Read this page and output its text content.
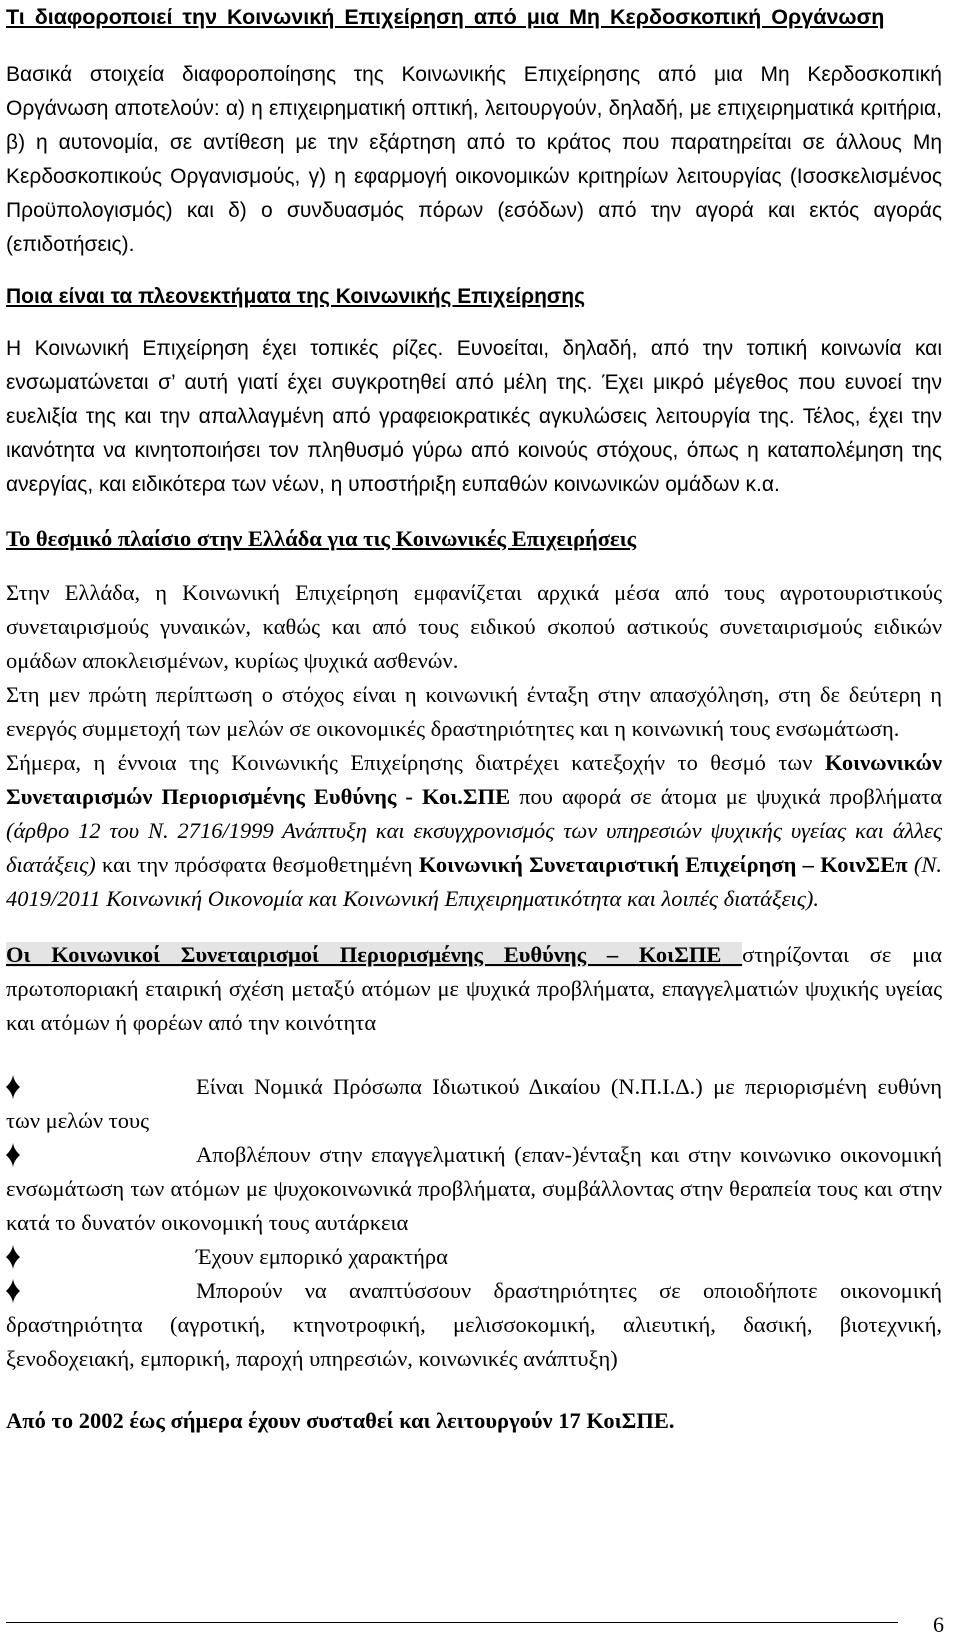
Τι διαφοροποιεί την Κοινωνική Επιχείρηση από μια Μη Κερδοσκοπική Οργάνωση

Βασικά στοιχεία διαφοροποίησης της Κοινωνικής Επιχείρησης από μια Μη Κερδοσκοπική Οργάνωση αποτελούν: α) η επιχειρηματική οπτική, λειτουργούν, δηλαδή, με επιχειρηματικά κριτήρια, β) η αυτονομία, σε αντίθεση με την εξάρτηση από το κράτος που παρατηρείται σε άλλους Μη Κερδοσκοπικούς Οργανισμούς, γ) η εφαρμογή οικονομικών κριτηρίων λειτουργίας (Ισοσκελισμένος Προϋπολογισμός) και δ) ο συνδυασμός πόρων (εσόδων) από την αγορά και εκτός αγοράς (επιδοτήσεις).

Ποια είναι τα πλεονεκτήματα της Κοινωνικής Επιχείρησης

Η Κοινωνική Επιχείρηση έχει τοπικές ρίζες. Ευνοείται, δηλαδή, από την τοπική κοινωνία και ενσωματώνεται σ’ αυτή γιατί έχει συγκροτηθεί από μέλη της. Έχει μικρό μέγεθος που ευνοεί την ευελιξία της και την απαλλαγμένη από γραφειοκρατικές αγκυλώσεις λειτουργία της. Τέλος, έχει την ικανότητα να κινητοποιήσει τον πληθυσμό γύρω από κοινούς στόχους, όπως η καταπολέμηση της ανεργίας, και ειδικότερα των νέων, η υποστήριξη ευπαθών κοινωνικών ομάδων κ.α.

Το θεσμικό πλαίσιο στην Ελλάδα για τις Κοινωνικές Επιχειρήσεις

Στην Ελλάδα, η Κοινωνική Επιχείρηση εμφανίζεται αρχικά μέσα από τους αγροτουριστικούς συνεταιρισμούς γυναικών, καθώς και από τους ειδικού σκοπού αστικούς συνεταιρισμούς ειδικών ομάδων αποκλεισμένων, κυρίως ψυχικά ασθενών.

Στη μεν πρώτη περίπτωση ο στόχος είναι η κοινωνική ένταξη στην απασχόληση, στη δε δεύτερη η ενεργός συμμετοχή των μελών σε οικονομικές δραστηριότητες και η κοινωνική τους ενσωμάτωση.

Σήμερα, η έννοια της Κοινωνικής Επιχείρησης διατρέχει κατεξοχήν το θεσμό των Κοινωνικών Συνεταιρισμών Περιορισμένης Ευθύνης - Κοι.ΣΠΕ που αφορά σε άτομα με ψυχικά προβλήματα (άρθρο 12 του Ν. 2716/1999 Ανάπτυξη και εκσυγχρονισμός των υπηρεσιών ψυχικής υγείας και άλλες διατάξεις) και την πρόσφατα θεσμοθετημένη Κοινωνική Συνεταιριστική Επιχείρηση – ΚοινΣΕπ (Ν. 4019/2011 Κοινωνική Οικονομία και Κοινωνική Επιχειρηματικότητα και λοιπές διατάξεις).

Οι Κοινωνικοί Συνεταιρισμοί Περιορισμένης Ευθύνης – ΚοιΣΠΕ στηρίζονται σε μια πρωτοποριακή εταιρική σχέση μεταξύ ατόμων με ψυχικά προβλήματα, επαγγελματιών ψυχικής υγείας και ατόμων ή φορέων από την κοινότητα

Είναι Νομικά Πρόσωπα Ιδιωτικού Δικαίου (Ν.Π.Ι.Δ.) με περιορισμένη ευθύνη των μελών τους
Αποβλέπουν στην επαγγελματική (επαν-)ένταξη και στην κοινωνικο οικονομική ενσωμάτωση των ατόμων με ψυχοκοινωνικά προβλήματα, συμβάλλοντας στην θεραπεία τους και στην κατά το δυνατόν οικονομική τους αυτάρκεια
Έχουν εμπορικό χαρακτήρα
Μπορούν να αναπτύσσουν δραστηριότητες σε οποιοδήποτε οικονομική δραστηριότητα (αγροτική, κτηνοτροφική, μελισσοκομική, αλιευτική, δασική, βιοτεχνική, ξενοδοχειακή, εμπορική, παροχή υπηρεσιών, κοινωνικές ανάπτυξη)

Από το 2002 έως σήμερα έχουν συσταθεί και λειτουργούν 17 ΚοιΣΠΕ.

6
